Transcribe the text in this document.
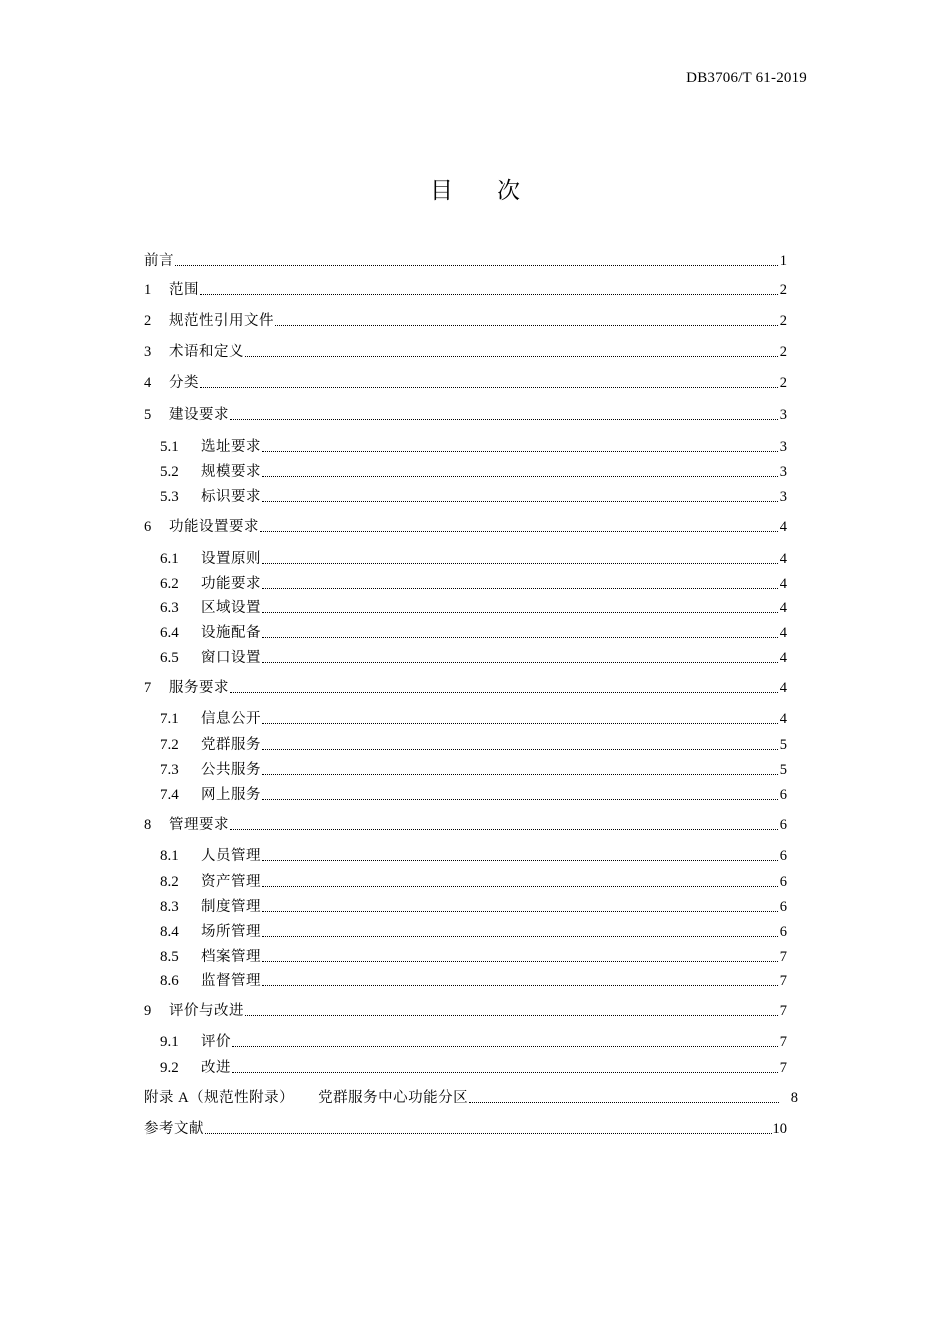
DB3706/T 61-2019
目次
前言	1
1	范围	2
2	规范性引用文件	2
3	术语和定义	2
4	分类	2
5	建设要求	3
5.1	选址要求	3
5.2	规模要求	3
5.3	标识要求	3
6	功能设置要求	4
6.1	设置原则	4
6.2	功能要求	4
6.3	区域设置	4
6.4	设施配备	4
6.5	窗口设置	4
7	服务要求	4
7.1	信息公开	4
7.2	党群服务	5
7.3	公共服务	5
7.4	网上服务	6
8	管理要求	6
8.1	人员管理	6
8.2	资产管理	6
8.3	制度管理	6
8.4	场所管理	6
8.5	档案管理	7
8.6	监督管理	7
9	评价与改进	7
9.1	评价	7
9.2	改进	7
附录 A（规范性附录） 党群服务中心功能分区	8
参考文献	10
